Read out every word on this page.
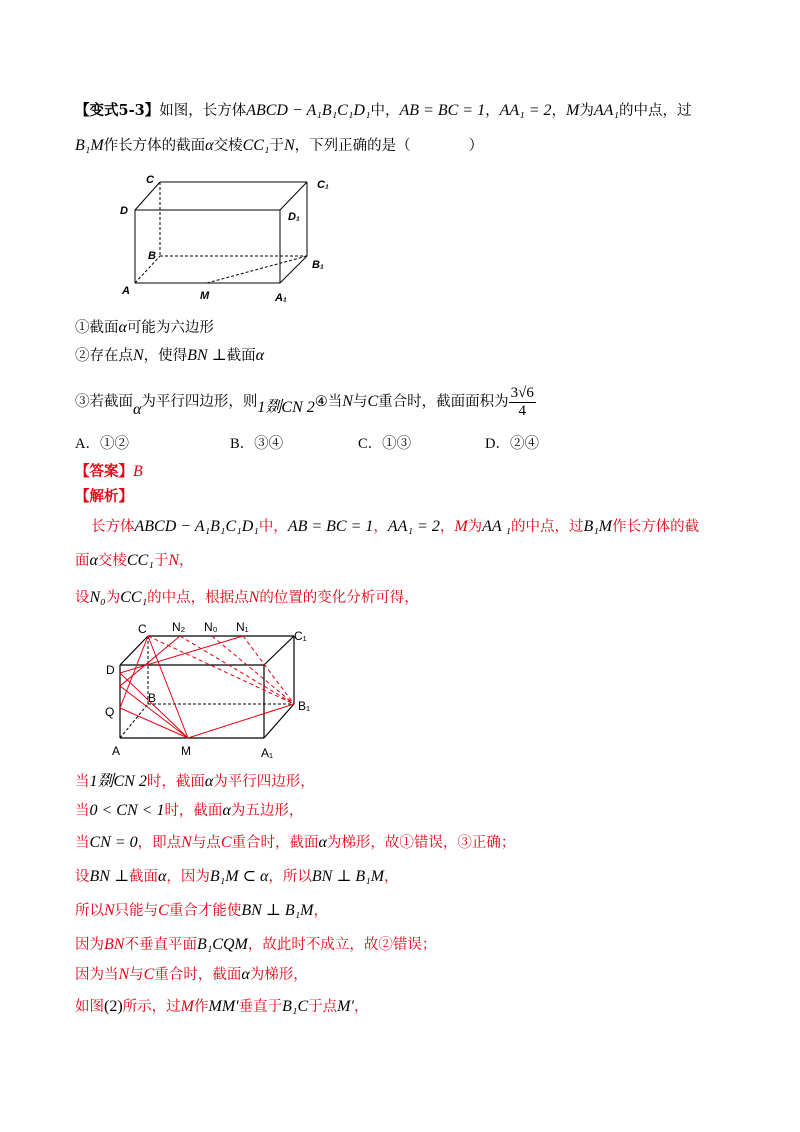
【变式5-3】如图，长方体ABCD − A₁B₁C₁D₁中，AB = BC = 1，AA₁ = 2，M为AA₁的中点，过
B₁M作长方体的截面α交棱CC₁于N，下列正确的是（　　　　）
C	C₁
D	D₁
B
B₁
A	M	A₁
①截面α可能为六边形
②存在点N，使得BN ⊥截面α
③若截面α为平行四边形，则1剟CN 2④当N与C重合时，截面面积为 $\frac{3√6}{4}$
A．①②	B．③④	C．①③	D．②④
【答案】B
【解析】
长方体ABCD − A₁B₁C₁D₁中，AB = BC = 1，AA₁ = 2，M为AA ₁的中点，过B₁M作长方体的截
面α交棱CC₁于N，
设N₀为CC₁的中点，根据点N的位置的变化分析可得，
C N₂ N₀ N₁
C₁
D
B
B₁
Q
A	M	A₁
当1剟CN 2时，截面α为平行四边形，
当0 < CN < 1时，截面α为五边形，
当CN = 0，即点N与点C重合时，截面α为梯形，故①错误，③正确；
设BN ⊥截面α，因为B₁M ⊂ α，所以BN ⊥ B₁M，
所以N只能与C重合才能使BN ⊥ B₁M，
因为BN不垂直平面B₁CQM，故此时不成立，故②错误；
因为当N与C重合时，截面α为梯形，
如图(2)所示，过M作MM′垂直于B₁C于点M′，
